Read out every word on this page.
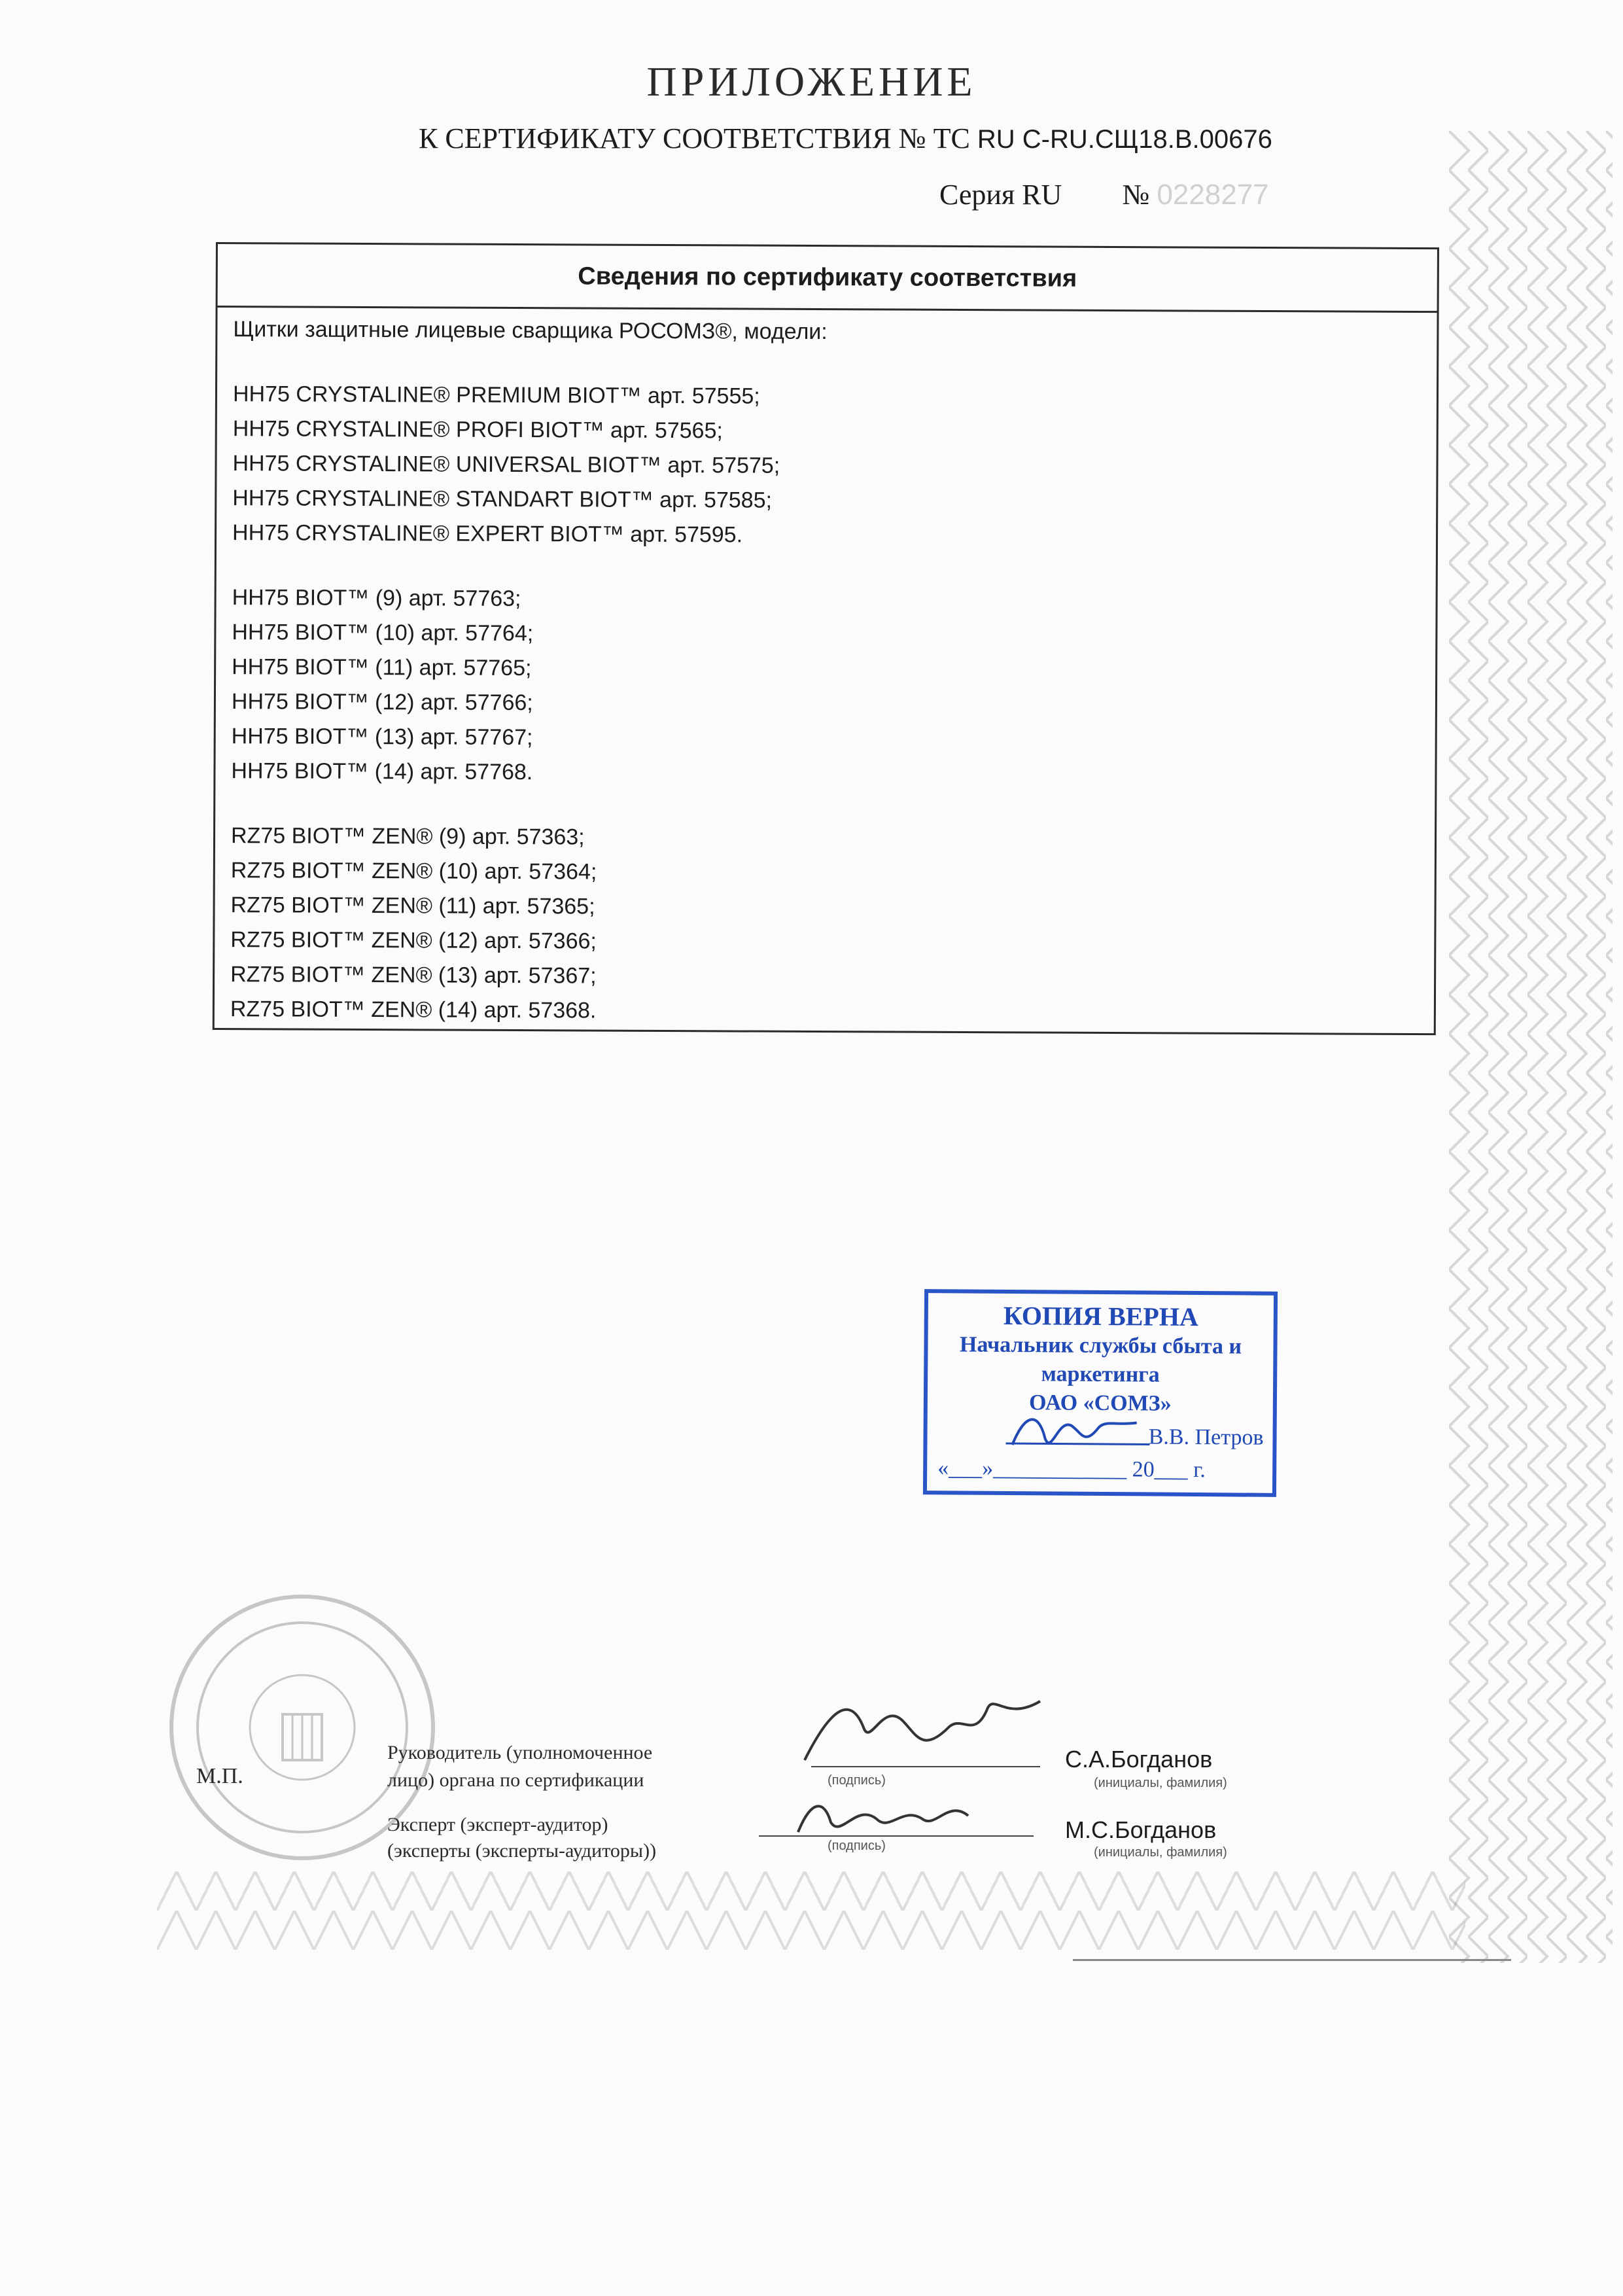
ПРИЛОЖЕНИЕ
К СЕРТИФИКАТУ СООТВЕТСТВИЯ № ТС RU C-RU.СЩ18.В.00676
Серия RU № 0228277
Сведения по сертификату соответствия
Щитки защитные лицевые сварщика РОСОМЗ®, модели:
НН75 CRYSTALINE® PREMIUM BIOT™ арт. 57555;
НН75 CRYSTALINE® PROFI BIOT™ арт. 57565;
НН75 CRYSTALINE® UNIVERSAL BIOT™ арт. 57575;
НН75 CRYSTALINE® STANDART BIOT™ арт. 57585;
НН75 CRYSTALINE® EXPERT BIOT™ арт. 57595.
НН75 BIOT™ (9) арт. 57763;
НН75 BIOT™ (10) арт. 57764;
НН75 BIOT™ (11) арт. 57765;
НН75 BIOT™ (12) арт. 57766;
НН75 BIOT™ (13) арт. 57767;
НН75 BIOT™ (14) арт. 57768.
RZ75 BIOT™ ZEN® (9) арт. 57363;
RZ75 BIOT™ ZEN® (10) арт. 57364;
RZ75 BIOT™ ZEN® (11) арт. 57365;
RZ75 BIOT™ ZEN® (12) арт. 57366;
RZ75 BIOT™ ZEN® (13) арт. 57367;
RZ75 BIOT™ ZEN® (14) арт. 57368.
КОПИЯ ВЕРНА
Начальник службы сбыта и
маркетинга
ОАО «СОМЗ»
В.В. Петров
«___»____________ 20___ г.
М.П.
Руководитель (уполномоченное
лицо) органа по сертификации
Эксперт (эксперт-аудитор)
(эксперты (эксперты-аудиторы))
(подпись)
С.А.Богданов
(инициалы, фамилия)
(подпись)
М.С.Богданов
(инициалы, фамилия)
